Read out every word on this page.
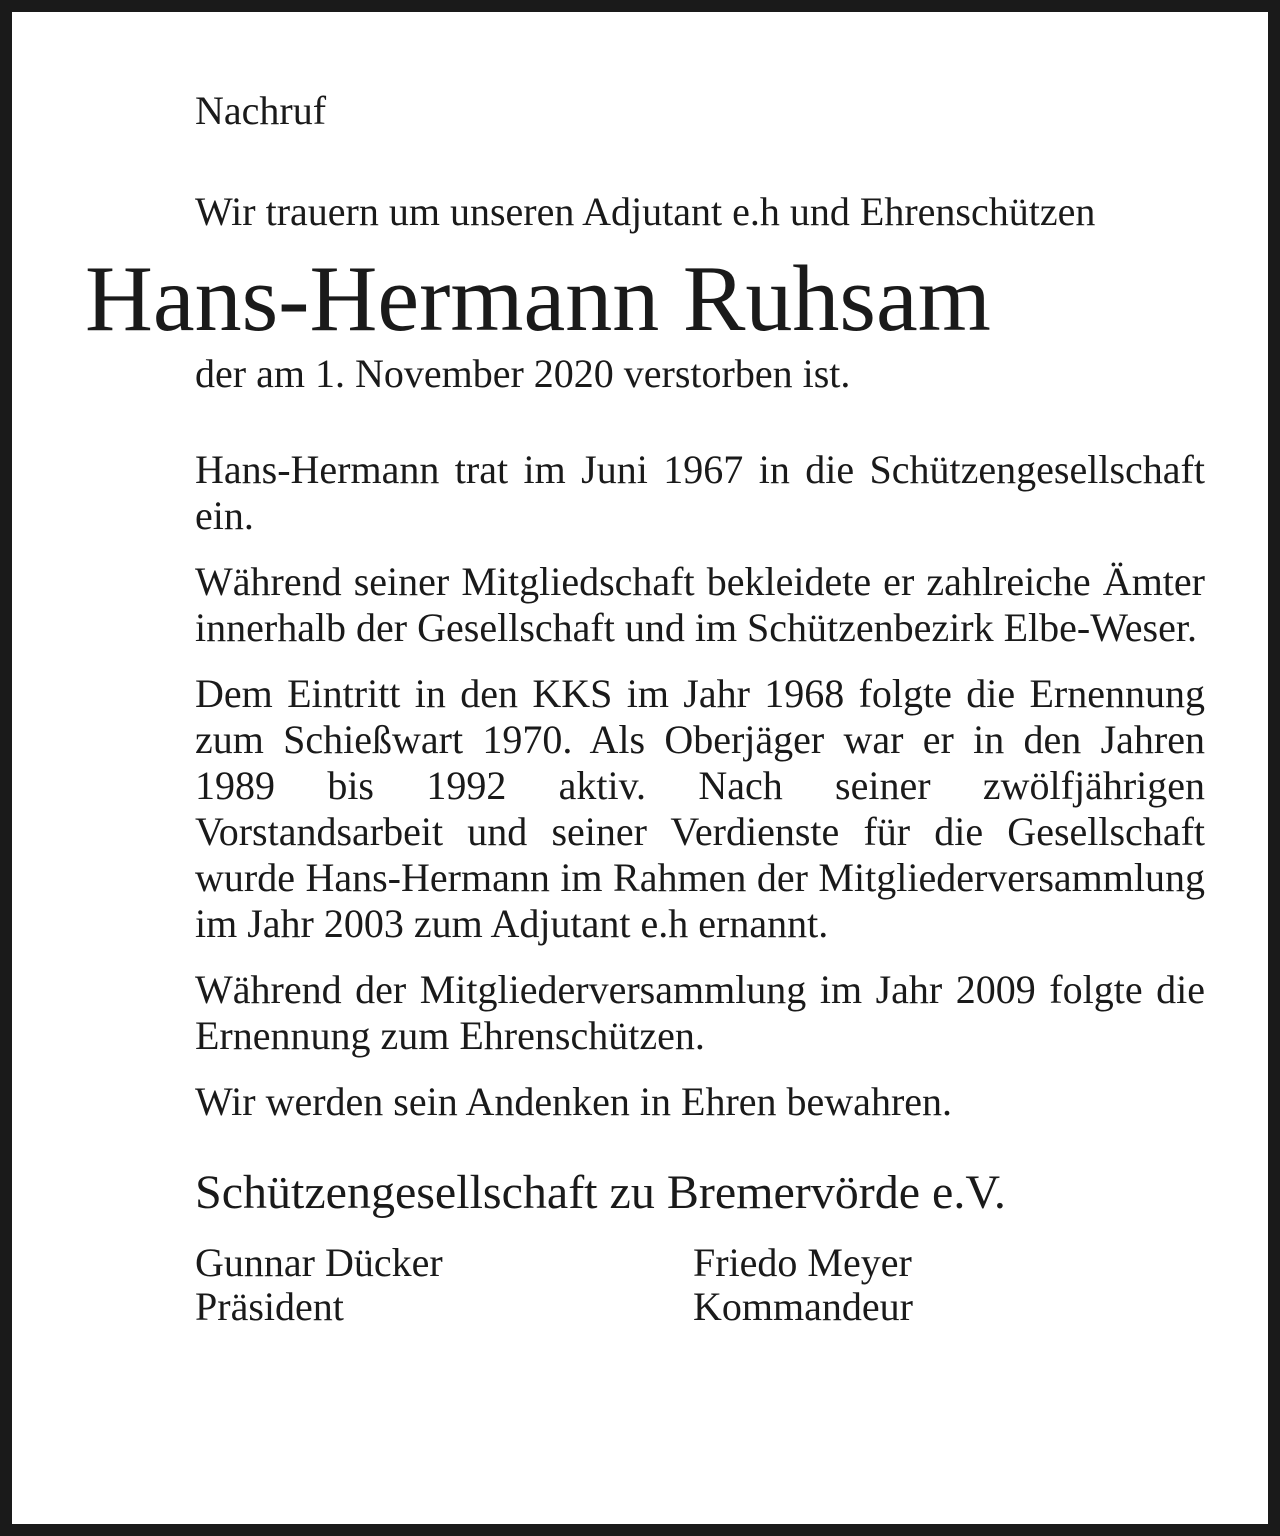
Nachruf
Wir trauern um unseren Adjutant e.h und Ehrenschützen
Hans-Hermann Ruhsam
der am 1. November 2020 verstorben ist.
Hans-Hermann trat im Juni 1967 in die Schützengesellschaft ein.
Während seiner Mitgliedschaft bekleidete er zahlreiche Ämter innerhalb der Gesellschaft und im Schützenbezirk Elbe-Weser.
Dem Eintritt in den KKS im Jahr 1968 folgte die Ernennung zum Schießwart 1970. Als Oberjäger war er in den Jahren 1989 bis 1992 aktiv. Nach seiner zwölfjährigen Vorstandsarbeit und seiner Verdienste für die Gesellschaft wurde Hans-Hermann im Rahmen der Mitgliederversammlung im Jahr 2003 zum Adjutant e.h ernannt.
Während der Mitgliederversammlung im Jahr 2009 folgte die Ernennung zum Ehrenschützen.
Wir werden sein Andenken in Ehren bewahren.
Schützengesellschaft zu Bremervörde e.V.
Gunnar Dücker
Präsident
Friedo Meyer
Kommandeur
